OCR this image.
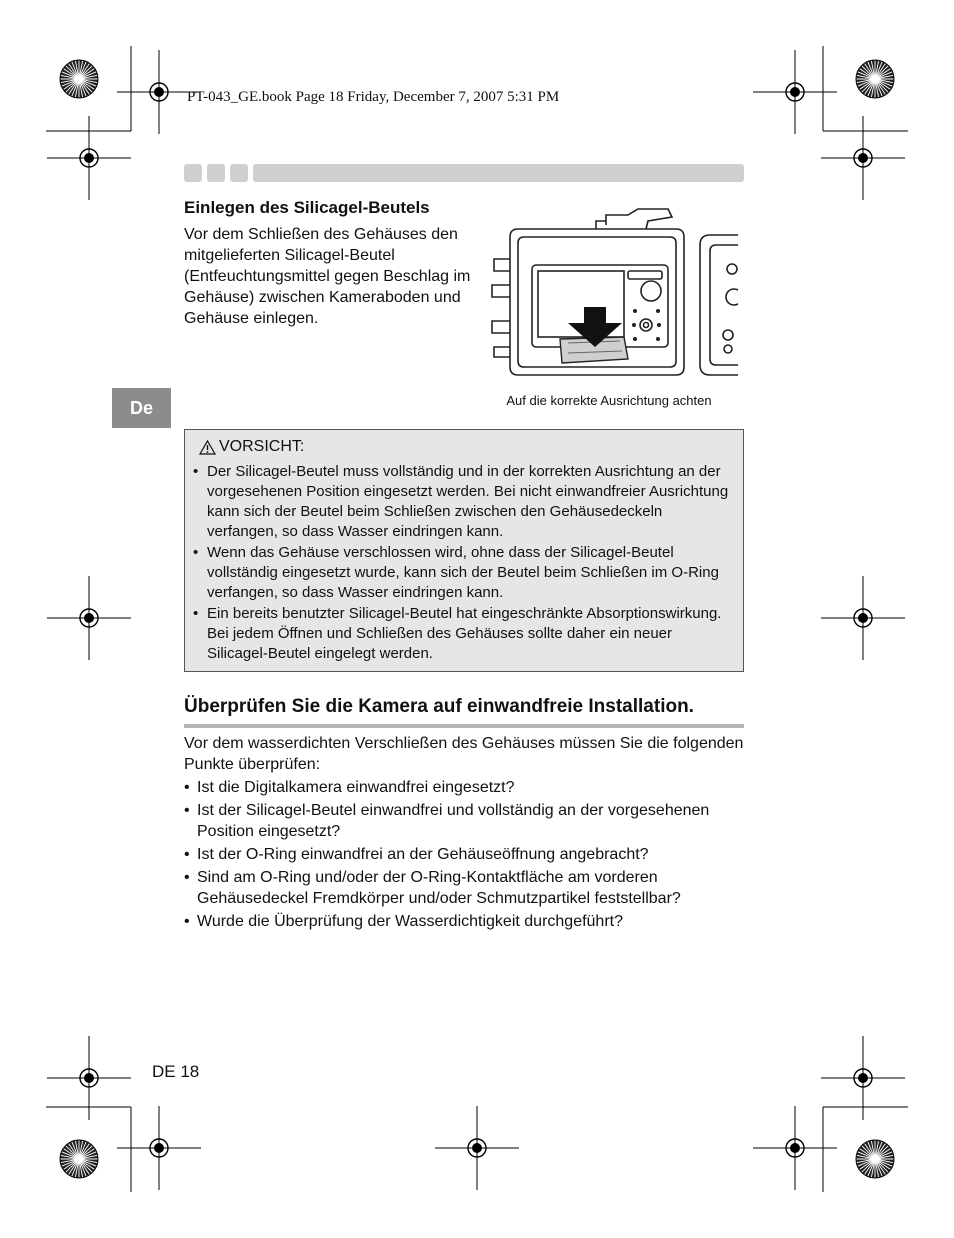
PT-043_GE.book Page 18 Friday, December 7, 2007 5:31 PM
Einlegen des Silicagel-Beutels

Vor dem Schließen des Gehäuses den mitgelieferten Silicagel-Beutel (Entfeuchtungsmittel gegen Beschlag im Gehäuse) zwischen Kameraboden und Gehäuse einlegen.

Auf die korrekte Ausrichtung achten
De
VORSICHT:
• Der Silicagel-Beutel muss vollständig und in der korrekten Ausrichtung an der vorgesehenen Position eingesetzt werden. Bei nicht einwandfreier Ausrichtung kann sich der Beutel beim Schließen zwischen den Gehäusedeckeln verfangen, so dass Wasser eindringen kann.
• Wenn das Gehäuse verschlossen wird, ohne dass der Silicagel-Beutel vollständig eingesetzt wurde, kann sich der Beutel beim Schließen im O-Ring verfangen, so dass Wasser eindringen kann.
• Ein bereits benutzter Silicagel-Beutel hat eingeschränkte Absorptionswirkung. Bei jedem Öffnen und Schließen des Gehäuses sollte daher ein neuer Silicagel-Beutel eingelegt werden.
Überprüfen Sie die Kamera auf einwandfreie Installation.

Vor dem wasserdichten Verschließen des Gehäuses müssen Sie die folgenden Punkte überprüfen:

• Ist die Digitalkamera einwandfrei eingesetzt?
• Ist der Silicagel-Beutel einwandfrei und vollständig an der vorgesehenen Position eingesetzt?
• Ist der O-Ring einwandfrei an der Gehäuseöffnung angebracht?
• Sind am O-Ring und/oder der O-Ring-Kontaktfläche am vorderen Gehäusedeckel Fremdkörper und/oder Schmutzpartikel feststellbar?
• Wurde die Überprüfung der Wasserdichtigkeit durchgeführt?
DE 18
